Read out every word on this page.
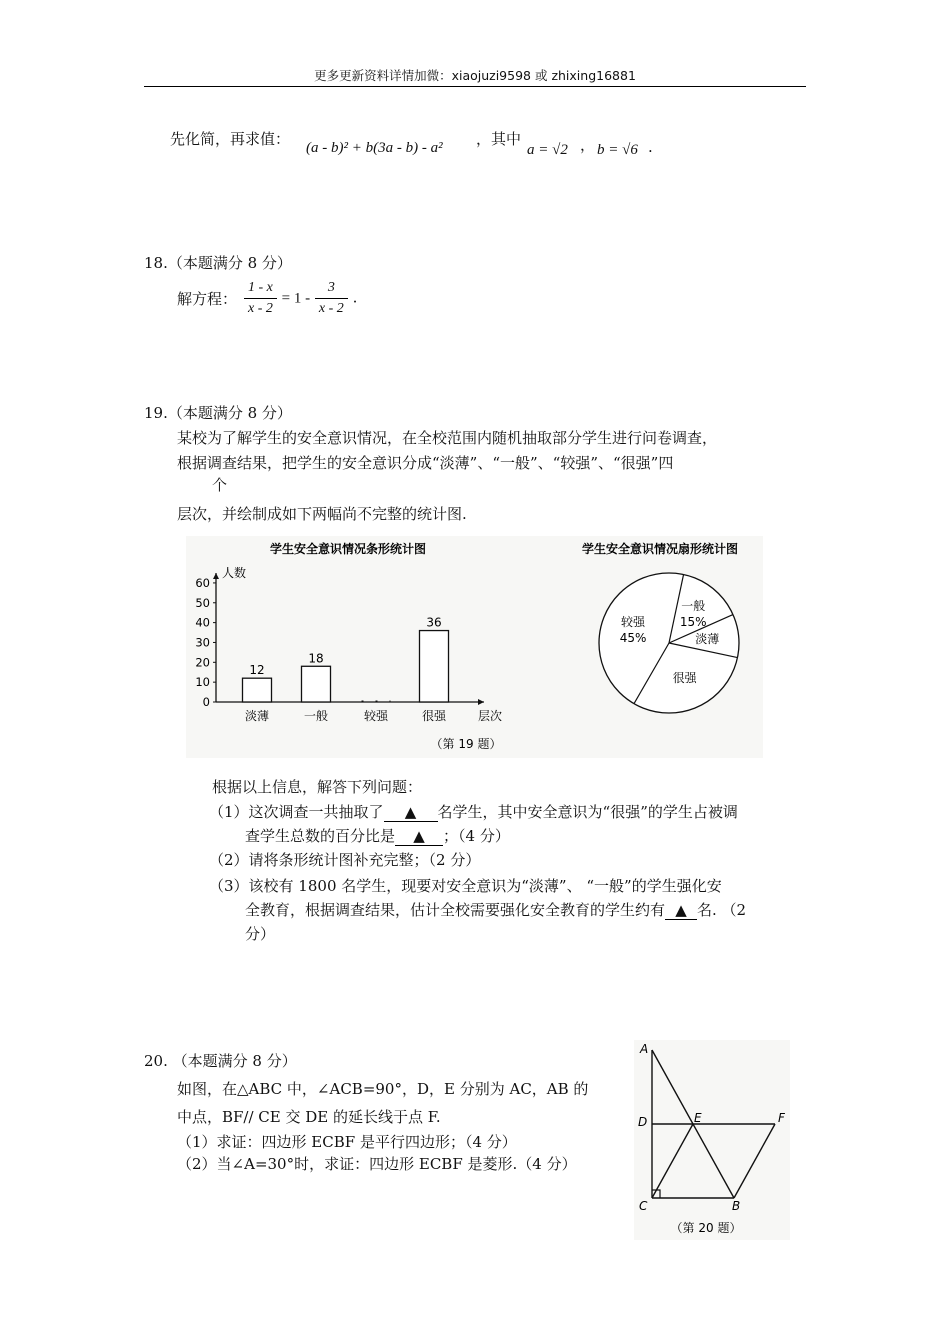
更多更新资料详情加微：xiaojuzi9598 或 zhixing16881
先化简，再求值： (a - b)² + b(3a - b) - a² ，其中
a = √2 ， b = √6 .
18.（本题满分 8 分）
解方程： $\frac{1 - x}{x - 2} = 1 - \frac{3}{x - 2}$ .
19.（本题满分 8 分）
某校为了解学生的安全意识情况，在全校范围内随机抽取部分学生进行问卷调查，
根据调查结果，把学生的安全意识分成“淡薄”、“一般”、“较强”、“很强”四
个
层次，并绘制成如下两幅尚不完整的统计图.
学生安全意识情况条形统计图
人数
层次
0
10
20
30
40
50
60
淡薄
12
一般
18
较强	很强
36
学生安全意识情况扇形统计图
一般
15%
淡薄
很强
较强
45%
（第 19 题）
根据以上信息，解答下列问题：
（1）这次调查一共抽取了 ▲ 名学生，其中安全意识为“很强”的学生占被调
查学生总数的百分比是 ▲ ；（4 分）
（2）请将条形统计图补充完整；（2 分）
（3）该校有 1800 名学生，现要对安全意识为“淡薄”、 “一般”的学生强化安
全教育，根据调查结果，估计全校需要强化安全教育的学生约有 ▲ 名. （2
分）
20. （本题满分 8 分）
如图，在△ABC 中，∠ACB=90°，D，E 分别为 AC，AB 的
中点，BF// CE 交 DE 的延长线于点 F.
（1）求证：四边形 ECBF 是平行四边形；（4 分）
（2）当∠A=30°时，求证：四边形 ECBF 是菱形.（4 分）
A
D	E	F
C	B
（第 20 题）
